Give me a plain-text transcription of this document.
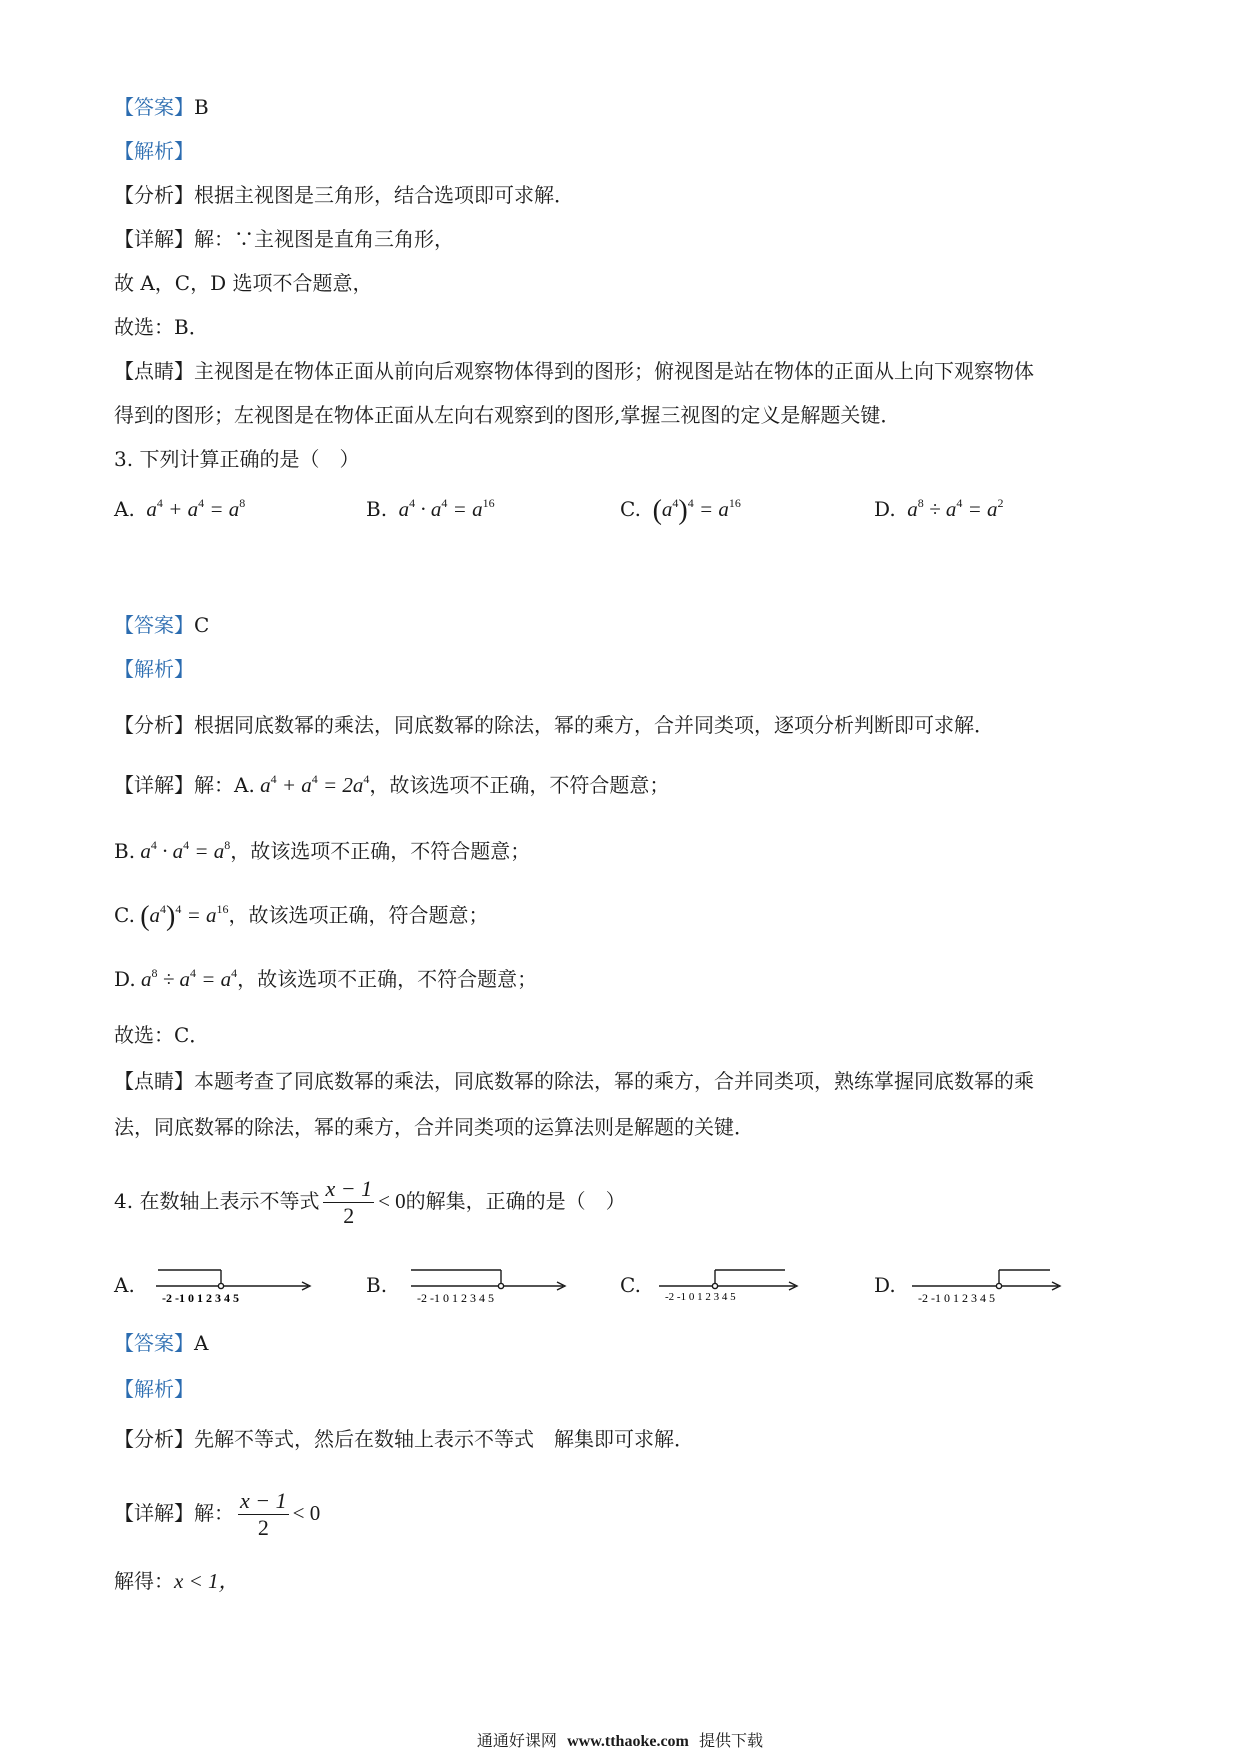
【答案】B
【解析】
【分析】根据主视图是三角形，结合选项即可求解．
【详解】解：∵主视图是直角三角形，
故 A，C，D 选项不合题意，
故选：B．
【点睛】主视图是在物体正面从前向后观察物体得到的图形；俯视图是站在物体的正面从上向下观察物体
得到的图形；左视图是在物体正面从左向右观察到的图形,掌握三视图的定义是解题关键．
3. 下列计算正确的是（　）
A.  $a^4 + a^4 = a^8$	B.  $a^4 \cdot a^4 = a^{16}$	C. $(a^4)^4 = a^{16}$	D.  $a^8 \div a^4 = a^2$
【答案】C
【解析】
【分析】根据同底数幂的乘法，同底数幂的除法，幂的乘方，合并同类项，逐项分析判断即可求解．
【详解】解：A. $a^4 + a^4 = 2a^4$，故该选项不正确，不符合题意；
B. $a^4 \cdot a^4 = a^8$，故该选项不正确，不符合题意；
C. $(a^4)^4 = a^{16}$，故该选项正确，符合题意；
D. $a^8 \div a^4 = a^4$，故该选项不正确，不符合题意；
故选：C．
【点睛】本题考查了同底数幂的乘法，同底数幂的除法，幂的乘方，合并同类项，熟练掌握同底数幂的乘
法，同底数幂的除法，幂的乘方，合并同类项的运算法则是解题的关键．
4. 在数轴上表示不等式 $\frac{x - 1}{2} < 0$的解集，正确的是（　）
A.	B.	C.	D.
-2 -1 0 1 2 3 4 5	-2 -1 0 1 2 3 4 5	-2 -1 0 1 2 3 4 5	-2 -1 0 1 2 3 4 5
【答案】A
【解析】
【分析】先解不等式，然后在数轴上表示不等式　解集即可求解．
【详解】解： $\frac{x - 1}{2} < 0$
解得：x < 1，
通通好课网 www.tthaoke.com 提供下载
